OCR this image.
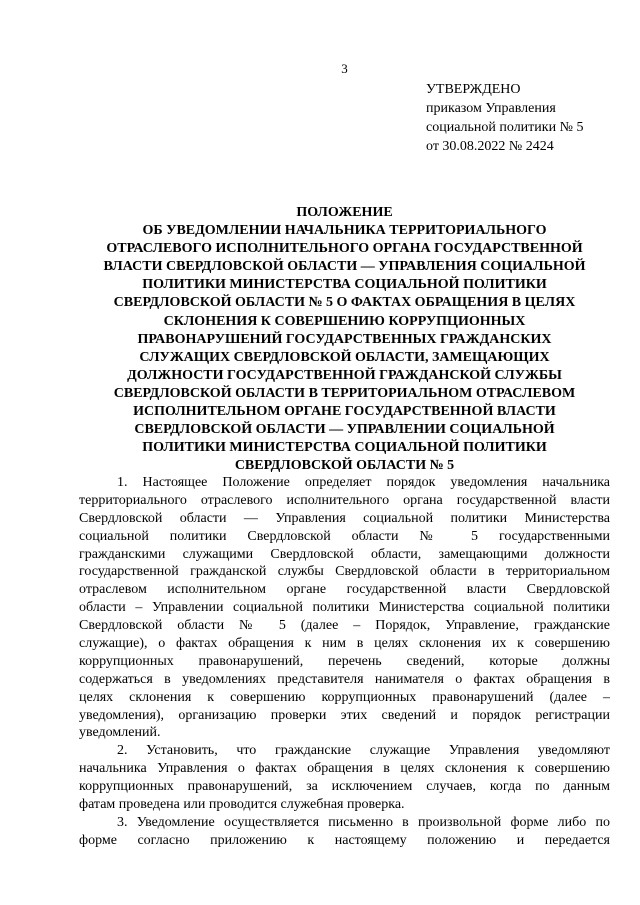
3
УТВЕРЖДЕНО
приказом Управления
социальной политики № 5
от 30.08.2022 № 2424
ПОЛОЖЕНИЕ
ОБ УВЕДОМЛЕНИИ НАЧАЛЬНИКА ТЕРРИТОРИАЛЬНОГО
ОТРАСЛЕВОГО ИСПОЛНИТЕЛЬНОГО ОРГАНА ГОСУДАРСТВЕННОЙ
ВЛАСТИ СВЕРДЛОВСКОЙ ОБЛАСТИ — УПРАВЛЕНИЯ СОЦИАЛЬНОЙ
ПОЛИТИКИ МИНИСТЕРСТВА СОЦИАЛЬНОЙ ПОЛИТИКИ
СВЕРДЛОВСКОЙ ОБЛАСТИ № 5 О ФАКТАХ ОБРАЩЕНИЯ В ЦЕЛЯХ
СКЛОНЕНИЯ К СОВЕРШЕНИЮ КОРРУПЦИОННЫХ
ПРАВОНАРУШЕНИЙ ГОСУДАРСТВЕННЫХ ГРАЖДАНСКИХ
СЛУЖАЩИХ СВЕРДЛОВСКОЙ ОБЛАСТИ, ЗАМЕЩАЮЩИХ
ДОЛЖНОСТИ ГОСУДАРСТВЕННОЙ ГРАЖДАНСКОЙ СЛУЖБЫ
СВЕРДЛОВСКОЙ ОБЛАСТИ В ТЕРРИТОРИАЛЬНОМ ОТРАСЛЕВОМ
ИСПОЛНИТЕЛЬНОМ ОРГАНЕ ГОСУДАРСТВЕННОЙ ВЛАСТИ
СВЕРДЛОВСКОЙ ОБЛАСТИ — УПРАВЛЕНИИ СОЦИАЛЬНОЙ
ПОЛИТИКИ МИНИСТЕРСТВА СОЦИАЛЬНОЙ ПОЛИТИКИ
СВЕРДЛОВСКОЙ ОБЛАСТИ № 5
1. Настоящее Положение определяет порядок уведомления начальника
территориального отраслевого исполнительного органа государственной власти
Свердловской области — Управления социальной политики Министерства
социальной политики Свердловской области № 5 государственными
гражданскими служащими Свердловской области, замещающими должности
государственной гражданской службы Свердловской области в территориальном
отраслевом исполнительном органе государственной власти Свердловской
области – Управлении социальной политики Министерства социальной политики
Свердловской области № 5 (далее – Порядок, Управление, гражданские
служащие), о фактах обращения к ним в целях склонения их к совершению
коррупционных правонарушений, перечень сведений, которые должны
содержаться в уведомлениях представителя нанимателя о фактах обращения в
целях склонения к совершению коррупционных правонарушений (далее –
уведомления), организацию проверки этих сведений и порядок регистрации
уведомлений.
2. Установить, что гражданские служащие Управления уведомляют
начальника Управления о фактах обращения в целях склонения к совершению
коррупционных правонарушений, за исключением случаев, когда по данным
фатам проведена или проводится служебная проверка.
3. Уведомление осуществляется письменно в произвольной форме либо по
форме согласно приложению к настоящему положению и передается
